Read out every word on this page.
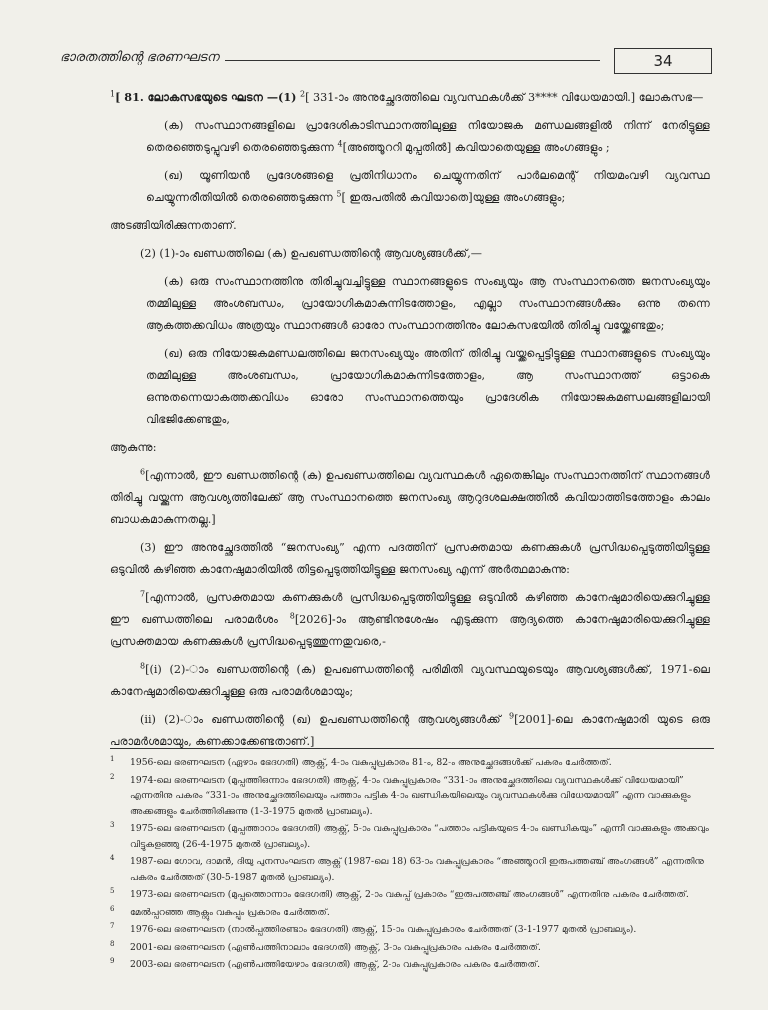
ഭാരതത്തിന്റെ ഭരണഘടന	34

$^1$[ 81. ലോകസഭയുടെ ഘടന —(1) $^2$[ 331-ാം അനുച്ഛേദത്തിലെ വ്യവസ്ഥകൾക്ക് 3**** വിധേയമായി.] ലോകസഭ—

(ക) സംസ്ഥാനങ്ങളിലെ പ്രാദേശികാടിസ്ഥാനത്തിലുള്ള നിയോജക മണ്ഡലങ്ങളിൽ നിന്ന് നേരിട്ടുള്ള തെരഞ്ഞെടുപ്പുവഴി തെരഞ്ഞെടുക്കുന്ന $^4$[അഞ്ഞൂററി മുപ്പതിൽ] കവിയാതെയുള്ള അംഗങ്ങളും ;

(ഖ) യൂണിയൻ പ്രദേശങ്ങളെ പ്രതിനിധാനം ചെയ്യുന്നതിന് പാർലമെന്റ് നിയമംവഴി വ്യവസ്ഥ ചെയ്യുന്നരീതിയിൽ തെരഞ്ഞെടുക്കുന്ന $^5$[ ഇരുപതിൽ കവിയാതെ]യുള്ള അംഗങ്ങളും;

അടങ്ങിയിരിക്കുന്നതാണ്.

(2) (1)-ാം ഖണ്ഡത്തിലെ (ക) ഉപഖണ്ഡത്തിന്റെ ആവശ്യങ്ങൾക്ക്,—

(ക) ഒരു സംസ്ഥാനത്തിനു തിരിച്ചുവച്ചിട്ടുള്ള സ്ഥാനങ്ങളുടെ സംഖ്യയും ആ സംസ്ഥാനത്തെ ജനസംഖ്യയും തമ്മിലുള്ള അംശബന്ധം, പ്രായോഗികമാകുന്നിടത്തോളം, എല്ലാ സംസ്ഥാനങ്ങൾക്കും ഒന്നു തന്നെ ആകത്തക്കവിധം അത്രയും സ്ഥാനങ്ങൾ ഓരോ സംസ്ഥാനത്തിനും ലോകസഭയിൽ തിരിച്ചു വയ്ക്കേണ്ടതും;

(ഖ) ഒരു നിയോജകമണ്ഡലത്തിലെ ജനസംഖ്യയും അതിന് തിരിച്ചു വയ്ക്കപ്പെട്ടിട്ടുള്ള സ്ഥാനങ്ങളുടെ സംഖ്യയും തമ്മിലുള്ള അംശബന്ധം, പ്രായോഗികമാകുന്നിടത്തോളം, ആ സംസ്ഥാനത്ത് ഒട്ടാകെ ഒന്നുതന്നെയാകത്തക്കവിധം ഓരോ സംസ്ഥാനത്തെയും പ്രാദേശിക നിയോജകമണ്ഡലങ്ങളിലായി വിഭജിക്കേണ്ടതും,

ആകുന്നു:

$^6$[എന്നാൽ, ഈ ഖണ്ഡത്തിന്റെ (ക) ഉപഖണ്ഡത്തിലെ വ്യവസ്ഥകൾ ഏതെങ്കിലും സംസ്ഥാനത്തിന് സ്ഥാനങ്ങൾ തിരിച്ചു വയ്ക്കുന്ന ആവശ്യത്തിലേക്ക് ആ സംസ്ഥാനത്തെ ജനസംഖ്യ ആറുദശലക്ഷത്തിൽ കവിയാത്തിടത്തോളം കാലം ബാധകമാകുന്നതല്ല.]

(3) ഈ അനുച്ഛേദത്തിൽ “ജനസംഖ്യ” എന്ന പദത്തിന് പ്രസക്തമായ കണക്കുകൾ പ്രസിദ്ധപ്പെടുത്തിയിട്ടുള്ള ഒടുവിൽ കഴിഞ്ഞ കാനേഷുമാരിയിൽ തിട്ടപ്പെടുത്തിയിട്ടുള്ള ജനസംഖ്യ എന്ന് അർത്ഥമാകുന്നു:

$^7$[എന്നാൽ, പ്രസക്തമായ കണക്കുകൾ പ്രസിദ്ധപ്പെടുത്തിയിട്ടുള്ള ഒടുവിൽ കഴിഞ്ഞ കാനേഷുമാരിയെക്കുറിച്ചുള്ള ഈ ഖണ്ഡത്തിലെ പരാമർശം $^8$[2026]-ാം ആണ്ടിനുശേഷം എടുക്കുന്ന ആദ്യത്തെ കാനേഷുമാരിയെക്കുറിച്ചുള്ള പ്രസക്തമായ കണക്കുകൾ പ്രസിദ്ധപ്പെടുത്തുന്നതുവരെ,-

$^8$[(i) (2)-ാം ഖണ്ഡത്തിന്റെ (ക) ഉപഖണ്ഡത്തിന്റെ പരിമിതി വ്യവസ്ഥയുടെയും ആവശ്യങ്ങൾക്ക്, 1971-ലെ കാനേഷുമാരിയെക്കുറിച്ചുള്ള ഒരു പരാമർശമായും;

(ii) (2)-ാം ഖണ്ഡത്തിന്റെ (ഖ) ഉപഖണ്ഡത്തിന്റെ ആവശ്യങ്ങൾക്ക് $^9$[2001]-ലെ കാനേഷുമാരി യുടെ ഒരു പരാമർശമായും, കണക്കാക്കേണ്ടതാണ്.]

1 1956-ലെ ഭരണഘടന (ഏഴാം ഭേദഗതി) ആക്റ്റ്, 4-ാം വകുപ്പുപ്രകാരം 81-ം, 82-ം അനുച്ഛേദങ്ങൾക്ക് പകരം ചേർത്തത്.
2 1974-ലെ ഭരണഘടന (മുപ്പത്തിഒന്നാം ഭേദഗതി) ആക്റ്റ്, 4-ാം വകുപ്പുപ്രകാരം “331-ാം അനുച്ഛേദത്തിലെ വ്യവസ്ഥകൾക്ക് വിധേയമായി” എന്നതിനു പകരം “331-ാം അനുച്ഛേദത്തിലെയും പത്താം പട്ടിക 4-ാം ഖണ്ഡികയിലെയും വ്യവസ്ഥകൾക്കു വിധേയമായി” എന്ന വാക്കുകളും അക്കങ്ങളും ചേർത്തിരിക്കുന്നു (1-3-1975 മുതൽ പ്രാബല്യം).
3 1975-ലെ ഭരണഘടന (മുപ്പത്താറാം ഭേദഗതി) ആക്റ്റ്, 5-ാം വകുപ്പുപ്രകാരം “പത്താം പട്ടികയുടെ 4-ാം ഖണ്ഡികയും” എന്നീ വാക്കുകളും അക്കവും വിട്ടുകളഞ്ഞു (26-4-1975 മുതൽ പ്രാബല്യം).
4 1987-ലെ ഗോവ, ദാമൻ, ദിയു പുനസംഘടന ആക്റ്റ് (1987-ലെ 18) 63-ാം വകുപ്പുപ്രകാരം “അഞ്ഞൂററി ഇരുപത്തഞ്ച് അംഗങ്ങൾ” എന്നതിനു പകരം ചേർത്തത് (30-5-1987 മുതൽ പ്രാബല്യം).
5 1973-ലെ ഭരണഘടന (മുപ്പത്തൊന്നാം ഭേദഗതി) ആക്റ്റ്, 2-ാം വകുപ്പ് പ്രകാരം “ഇരുപത്തഞ്ച് അംഗങ്ങൾ” എന്നതിനു പകരം ചേർത്തത്.
6 മേൽപ്പറഞ്ഞ ആക്റ്റും വകുപ്പും പ്രകാരം ചേർത്തത്.
7 1976-ലെ ഭരണഘടന (നാൽപ്പത്തിരണ്ടാം ഭേദഗതി) ആക്റ്റ്, 15-ാം വകുപ്പുപ്രകാരം ചേർത്തത് (3-1-1977 മുതൽ പ്രാബല്യം).
8 2001-ലെ ഭരണഘടന (എൺപത്തിനാലാം ഭേദഗതി) ആക്റ്റ്, 3-ാം വകുപ്പുപ്രകാരം പകരം ചേർത്തത്.
9 2003-ലെ ഭരണഘടന (എൺപത്തിയേഴാം ഭേദഗതി) ആക്റ്റ്, 2-ാം വകുപ്പുപ്രകാരം പകരം ചേർത്തത്.
